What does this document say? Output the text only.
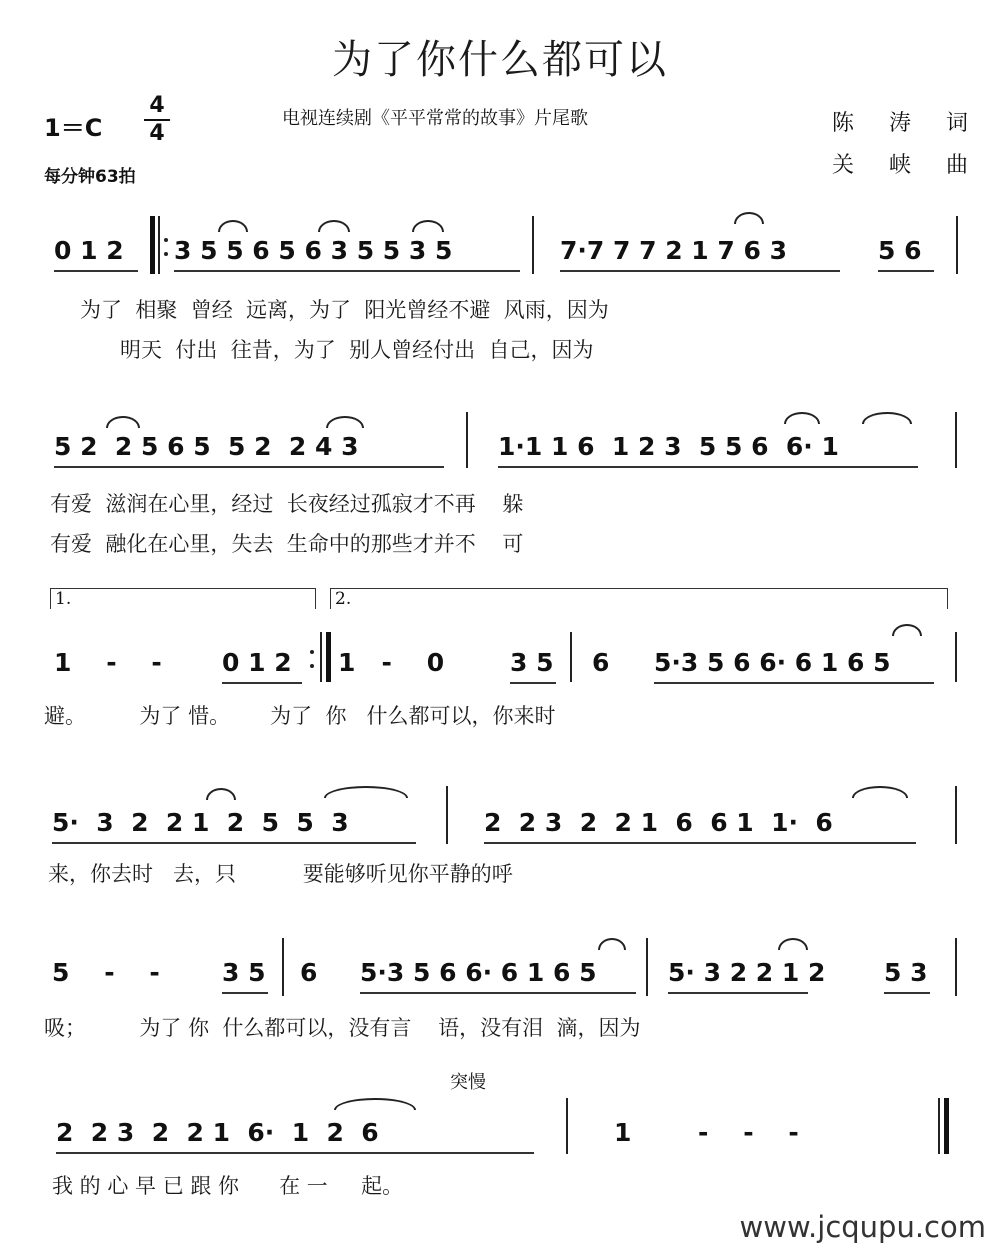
为了你什么都可以
1＝C
4
4
每分钟63拍
电视连续剧《平平常常的故事》片尾歌	陈 涛 词
关 峡 曲
0 1 2 3 5 5 6 5 6 3 5 5 3 5	7·7 7 7 2 1 7 6 3	5 6
为了  相聚  曾经  远离，为了  阳光曾经不避  风雨，因为
明天  付出  往昔，为了  别人曾经付出  自己，因为
5 2  2 5 6 5  5 2  2 4 3	1·1 1 6  1 2 3  5 5 6  6· 1
有爱  滋润在心里，经过  长夜经过孤寂才不再    躲
有爱  融化在心里，失去  生命中的那些才并不    可
1.	2.
1    -    - 0 1 2 1   -    0	3 5 6 5·3 5 6 6· 6 1 6 5
避。        为了 惜。      为了  你   什么都可以，你来时
5·  3  2  2 1  2  5  5  3	2  2 3  2  2 1  6  6 1  1·  6
来，你去时   去，只          要能够听见你平静的呼
5    -    - 3 5 6 5·3 5 6 6· 6 1 6 5	5· 3 2 2 1 2 5 3
吸；        为了 你  什么都可以，没有言    语，没有泪  滴，因为
突慢
2  2 3  2  2 1  6·  1  2  6	1	-    -    -
我 的 心 早 已 跟 你      在 一     起。
www.jcqupu.com
